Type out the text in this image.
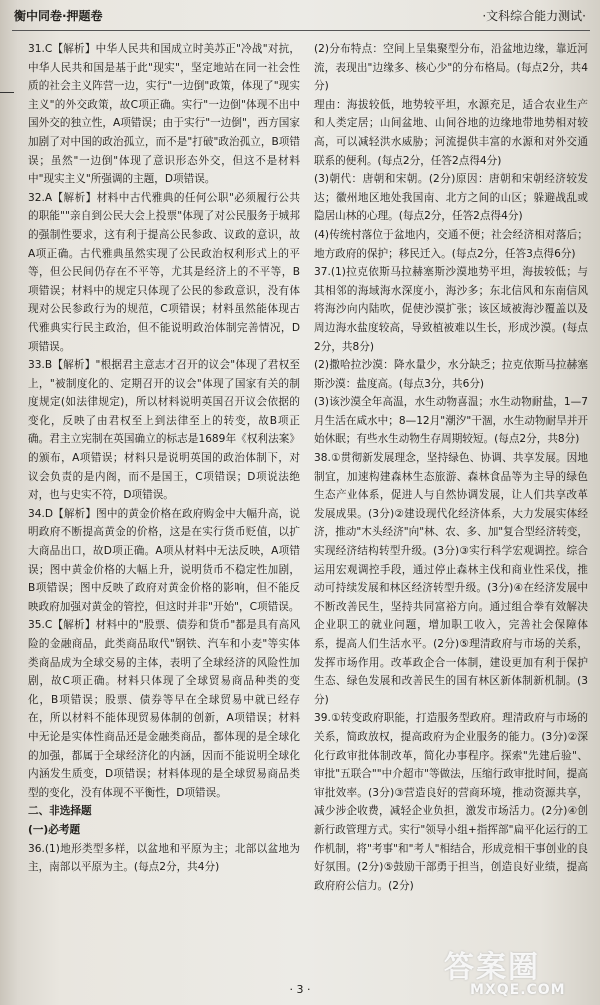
衡中同卷·押题卷	·文科综合能力测试·

31.C【解析】中华人民共和国成立时美苏正"冷战"对抗，中华人民共和国是基于此"现实"，坚定地站在同一社会性质的社会主义阵营一边，实行"一边倒"政策，体现了"现实主义"的外交政策，故C项正确。实行"一边倒"体现不出中国外交的独立性，A项错误；由于实行"一边倒"，西方国家加剧了对中国的政治孤立，而不是"打破"政治孤立，B项错误；虽然"一边倒"体现了意识形态外交，但这不是材料中"现实主义"所强调的主题，D项错误。

32.A【解析】材料中古代雅典的任何公职"必须履行公共的职能""亲自到公民大会上投票"体现了对公民服务于城邦的强制性要求，这有利于提高公民参政、议政的意识，故A项正确。古代雅典虽然实现了公民政治权利形式上的平等，但公民间仍存在不平等，尤其是经济上的不平等，B项错误；材料中的规定只体现了公民的参政意识，没有体现对公民参政行为的规范，C项错误；材料虽然能体现古代雅典实行民主政治，但不能说明政治体制完善情况，D项错误。

33.B【解析】"根据君主意志才召开的议会"体现了君权至上，"被制度化的、定期召开的议会"体现了国家有关的制度规定(如法律规定)，所以材料说明英国召开议会依据的变化，反映了由君权至上到法律至上的转变，故B项正确。君主立宪制在英国确立的标志是1689年《权利法案》的颁布，A项错误；材料只是说明英国的政治体制下，对议会负责的是内阁，而不是国王，C项错误；D项说法绝对，也与史实不符，D项错误。

34.D【解析】图中的黄金价格在政府购金中大幅升高，说明政府不断提高黄金的价格，这是在实行货币贬值，以扩大商品出口，故D项正确。A项从材料中无法反映，A项错误；图中黄金价格的大幅上升，说明货币不稳定性加剧，B项错误；图中反映了政府对黄金价格的影响，但不能反映政府加强对黄金的管控，但这时并非"开始"，C项错误。

35.C【解析】材料中的"股票、债券和货币"都是具有高风险的金融商品，此类商品取代"钢铁、汽车和小麦"等实体类商品成为全球交易的主体，表明了全球经济的风险性加剧，故C项正确。材料只体现了全球贸易商品种类的变化，B项错误；股票、债券等早在全球贸易中就已经存在，所以材料不能体现贸易体制的创新，A项错误；材料中无论是实体性商品还是金融类商品，都体现的是全球化的加强，都属于全球经济化的内涵，因而不能说明全球化内涵发生质变，D项错误；材料体现的是全球贸易商品类型的变化，没有体现不平衡性，D项错误。

二、非选择题

(一)必考题

36.(1)地形类型多样，以盆地和平原为主；北部以盆地为主，南部以平原为主。(每点2分，共4分)

(2)分布特点：空间上呈集聚型分布，沿盆地边缘，靠近河流，表现出"边缘多、核心少"的分布格局。(每点2分，共4分)

理由：海拔较低，地势较平坦，水源充足，适合农业生产和人类定居；山间盆地、山间谷地的边缘地带地势相对较高，可以减轻洪水威胁；河流提供丰富的水源和对外交通联系的便利。(每点2分，任答2点得4分)

(3)朝代：唐朝和宋朝。(2分)原因：唐朝和宋朝经济较发达；徽州地区地处我国南、北方之间的山区；躲避战乱或隐居山林的心理。(每点2分，任答2点得4分)

(4)传统村落位于盆地内，交通不便；社会经济相对落后；地方政府的保护；移民迁入。(每点2分，任答3点得6分)

37.(1)拉克依斯马拉赫塞斯沙漠地势平坦，海拔较低；与其相邻的海域海水深度小，海沙多；东北信风和东南信风将海沙向内陆吹，促使沙漠扩张；该区域被海沙覆盖以及周边海水盐度较高，导致植被难以生长，形成沙漠。(每点2分，共8分)

(2)撒哈拉沙漠：降水量少，水分缺乏；拉克依斯马拉赫塞斯沙漠：盐度高。(每点3分，共6分)

(3)该沙漠全年高温，水生动物喜温；水生动物耐盐，1—7月生活在咸水中；8—12月"潮汐"干涸，水生动物耐旱并开始休眠；有些水生动物生存周期较短。(每点2分，共8分)

38.①贯彻新发展理念，坚持绿色、协调、共享发展。因地制宜，加速构建森林生态旅游、森林食品等为主导的绿色生态产业体系，促进人与自然协调发展，让人们共享改革发展成果。(3分)②建设现代化经济体系，大力发展实体经济，推动"木头经济"向"林、农、多、加"复合型经济转变，实现经济结构转型升级。(3分)③实行科学宏观调控。综合运用宏观调控手段，通过停止森林主伐和商业性采伐，推动可持续发展和林区经济转型升级。(3分)④在经济发展中不断改善民生，坚持共同富裕方向。通过组合拳有效解决企业职工的就业问题，增加职工收入，完善社会保障体系，提高人们生活水平。(2分)⑤理清政府与市场的关系，发挥市场作用。改革政企合一体制，建设更加有利于保护生态、绿色发展和改善民生的国有林区新体制新机制。(3分)

39.①转变政府职能，打造服务型政府。理清政府与市场的关系，简政放权，提高政府为企业服务的能力。(3分)②深化行政审批体制改革，简化办事程序。探索"先建后验"、审批"五联合""中介超市"等做法，压缩行政审批时间，提高审批效率。(3分)③营造良好的营商环境，推动资源共享，减少涉企收费，减轻企业负担，激发市场活力。(2分)④创新行政管理方式。实行"领导小组+指挥部"扁平化运行的工作机制，将"考事"和"考人"相结合，形成竞相干事创业的良好氛围。(2分)⑤鼓励干部勇于担当，创造良好业绩，提高政府府公信力。(2分)

· 3 ·
答案圈
MXQE.COM
